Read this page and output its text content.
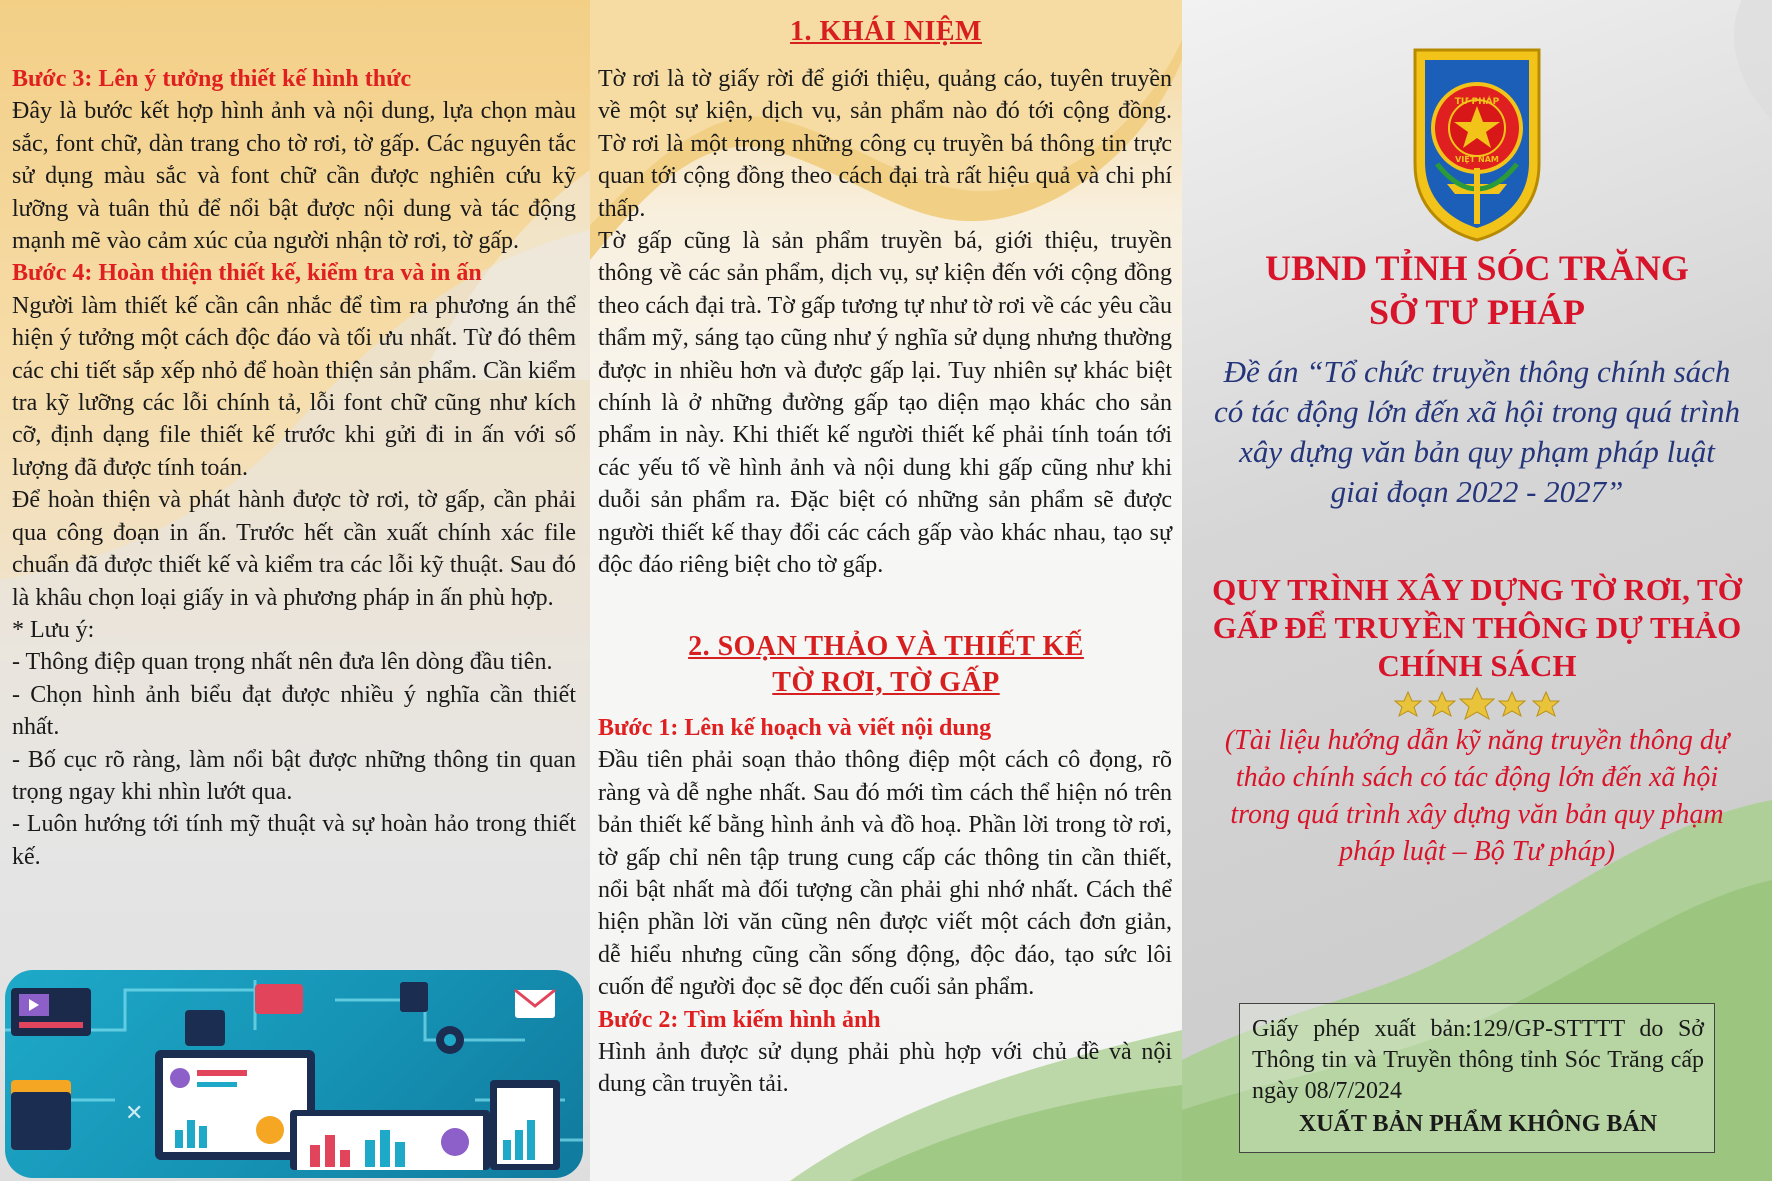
Bước 3: Lên ý tưởng thiết kế hình thức

Đây là bước kết hợp hình ảnh và nội dung, lựa chọn màu sắc, font chữ, dàn trang cho tờ rơi, tờ gấp. Các nguyên tắc sử dụng màu sắc và font chữ cần được nghiên cứu kỹ lưỡng và tuân thủ để nổi bật được nội dung và tác động mạnh mẽ vào cảm xúc của người nhận tờ rơi, tờ gấp.

Bước 4: Hoàn thiện thiết kế, kiểm tra và in ấn

Người làm thiết kế cần cân nhắc để tìm ra phương án thể hiện ý tưởng một cách độc đáo và tối ưu nhất. Từ đó thêm các chi tiết sắp xếp nhỏ để hoàn thiện sản phẩm. Cần kiểm tra kỹ lưỡng các lỗi chính tả, lỗi font chữ cũng như kích cỡ, định dạng file thiết kế trước khi gửi đi in ấn với số lượng đã được tính toán.

Để hoàn thiện và phát hành được tờ rơi, tờ gấp, cần phải qua công đoạn in ấn. Trước hết cần xuất chính xác file chuẩn đã được thiết kế và kiểm tra các lỗi kỹ thuật. Sau đó là khâu chọn loại giấy in và phương pháp in ấn phù hợp.

* Lưu ý:

- Thông điệp quan trọng nhất nên đưa lên dòng đầu tiên.

- Chọn hình ảnh biểu đạt được nhiều ý nghĩa cần thiết nhất.

- Bố cục rõ ràng, làm nổi bật được những thông tin quan trọng ngay khi nhìn lướt qua.

- Luôn hướng tới tính mỹ thuật và sự hoàn hảo trong thiết kế.

✕
1. KHÁI NIỆM

Tờ rơi là tờ giấy rời để giới thiệu, quảng cáo, tuyên truyền về một sự kiện, dịch vụ, sản phẩm nào đó tới cộng đồng. Tờ rơi là một trong những công cụ truyền bá thông tin trực quan tới cộng đồng theo cách đại trà rất hiệu quả và chi phí thấp.

Tờ gấp cũng là sản phẩm truyền bá, giới thiệu, truyền thông về các sản phẩm, dịch vụ, sự kiện đến với cộng đồng theo cách đại trà. Tờ gấp tương tự như tờ rơi về các yêu cầu thẩm mỹ, sáng tạo cũng như ý nghĩa sử dụng nhưng thường được in nhiều hơn và được gấp lại. Tuy nhiên sự khác biệt chính là ở những đường gấp tạo diện mạo khác cho sản phẩm in này. Khi thiết kế người thiết kế phải tính toán tới các yếu tố về hình ảnh và nội dung khi gấp cũng như khi duỗi sản phẩm ra. Đặc biệt có những sản phẩm sẽ được người thiết kế thay đổi các cách gấp vào khác nhau, tạo sự độc đáo riêng biệt cho tờ gấp.

2. SOẠN THẢO VÀ THIẾT KẾ
TỜ RƠI, TỜ GẤP

Bước 1: Lên kế hoạch và viết nội dung

Đầu tiên phải soạn thảo thông điệp một cách cô đọng, rõ ràng và dễ nghe nhất. Sau đó mới tìm cách thể hiện nó trên bản thiết kế bằng hình ảnh và đồ hoạ. Phần lời trong tờ rơi, tờ gấp chỉ nên tập trung cung cấp các thông tin cần thiết, nổi bật nhất mà đối tượng cần phải ghi nhớ nhất. Cách thể hiện phần lời văn cũng nên được viết một cách đơn giản, dễ hiểu nhưng cũng cần sống động, độc đáo, tạo sức lôi cuốn để người đọc sẽ đọc đến cuối sản phẩm.

Bước 2: Tìm kiếm hình ảnh

Hình ảnh được sử dụng phải phù hợp với chủ đề và nội dung cần truyền tải.

TƯ PHÁP
VIỆT NAM
UBND TỈNH SÓC TRĂNG
SỞ TƯ PHÁP
Đề án “Tổ chức truyền thông chính sách
có tác động lớn đến xã hội trong quá trình
xây dựng văn bản quy phạm pháp luật
giai đoạn 2022 - 2027”
QUY TRÌNH XÂY DỰNG TỜ RƠI, TỜ
GẤP ĐỂ TRUYỀN THÔNG DỰ THẢO
CHÍNH SÁCH
(Tài liệu hướng dẫn kỹ năng truyền thông dự
thảo chính sách có tác động lớn đến xã hội
trong quá trình xây dựng văn bản quy phạm
pháp luật – Bộ Tư pháp)
Giấy phép xuất bản:129/GP-STTTT do Sở Thông tin và Truyền thông tỉnh Sóc Trăng cấp ngày 08/7/2024
XUẤT BẢN PHẨM KHÔNG BÁN
